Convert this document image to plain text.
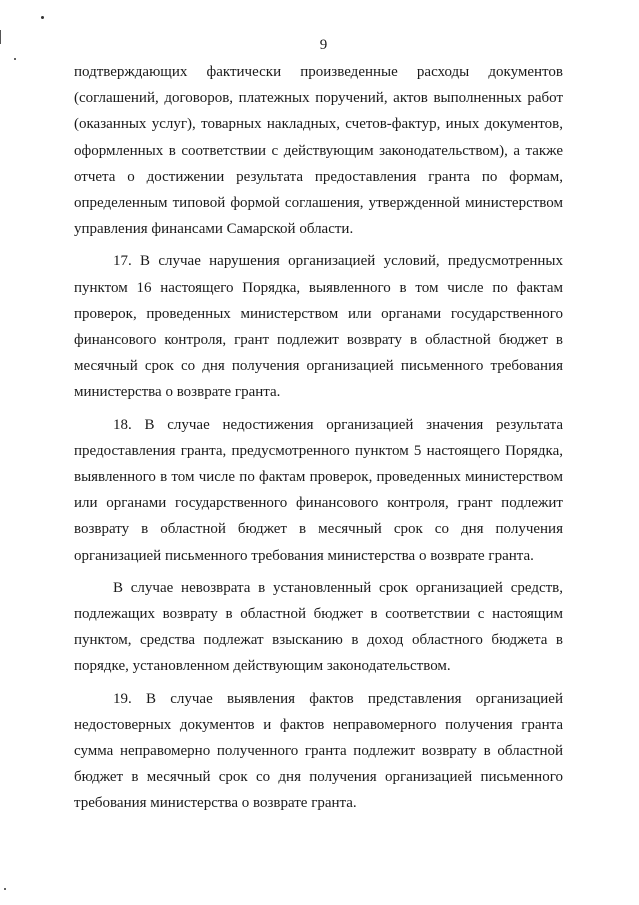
9

подтверждающих фактически произведенные расходы документов (соглашений, договоров, платежных поручений, актов выполненных работ (оказанных услуг), товарных накладных, счетов-фактур, иных документов, оформленных в соответствии с действующим законодательством), а также отчета о достижении результата предоставления гранта по формам, определенным типовой формой соглашения, утвержденной министерством управления финансами Самарской области.

17. В случае нарушения организацией условий, предусмотренных пунктом 16 настоящего Порядка, выявленного в том числе по фактам проверок, проведенных министерством или органами государственного финансового контроля, грант подлежит возврату в областной бюджет в месячный срок со дня получения организацией письменного требования министерства о возврате гранта.

18. В случае недостижения организацией значения результата предоставления гранта, предусмотренного пунктом 5 настоящего Порядка, выявленного в том числе по фактам проверок, проведенных министерством или органами государственного финансового контроля, грант подлежит возврату в областной бюджет в месячный срок со дня получения организацией письменного требования министерства о возврате гранта.

В случае невозврата в установленный срок организацией средств, подлежащих возврату в областной бюджет в соответствии с настоящим пунктом, средства подлежат взысканию в доход областного бюджета в порядке, установленном действующим законодательством.

19. В случае выявления фактов представления организацией недостоверных документов и фактов неправомерного получения гранта сумма неправомерно полученного гранта подлежит возврату в областной бюджет в месячный срок со дня получения организацией письменного требования министерства о возврате гранта.
